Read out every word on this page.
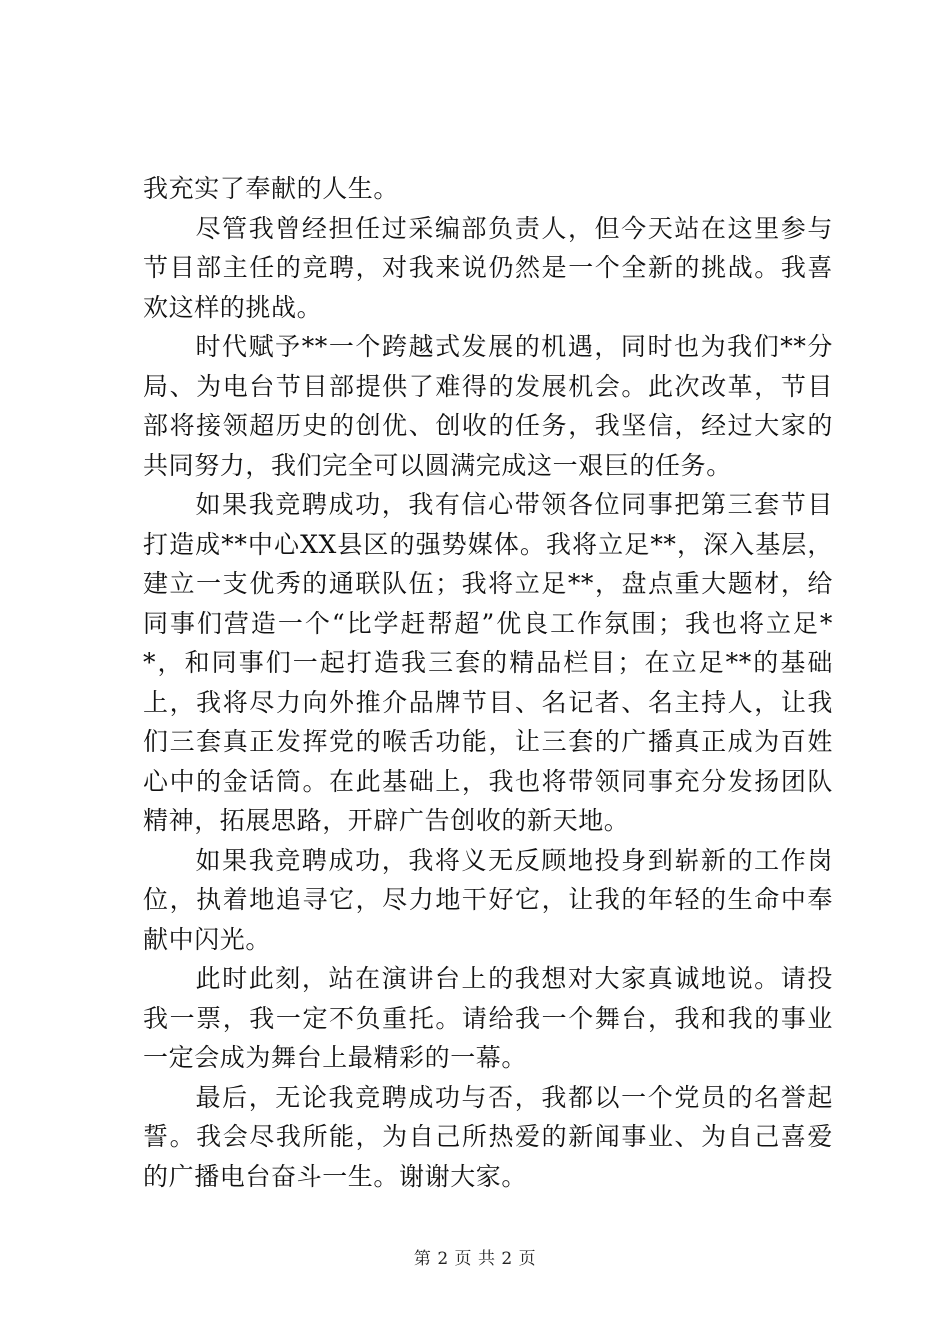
我充实了奉献的人生。

尽管我曾经担任过采编部负责人，但今天站在这里参与节目部主任的竞聘，对我来说仍然是一个全新的挑战。我喜欢这样的挑战。

时代赋予**一个跨越式发展的机遇，同时也为我们**分局、为电台节目部提供了难得的发展机会。此次改革，节目部将接领超历史的创优、创收的任务，我坚信，经过大家的共同努力，我们完全可以圆满完成这一艰巨的任务。

如果我竞聘成功，我有信心带领各位同事把第三套节目打造成**中心XX县区的强势媒体。我将立足**，深入基层，建立一支优秀的通联队伍；我将立足**，盘点重大题材，给同事们营造一个“比学赶帮超”优良工作氛围；我也将立足**，和同事们一起打造我三套的精品栏目；在立足**的基础上，我将尽力向外推介品牌节目、名记者、名主持人，让我们三套真正发挥党的喉舌功能，让三套的广播真正成为百姓心中的金话筒。在此基础上，我也将带领同事充分发扬团队精神，拓展思路，开辟广告创收的新天地。

如果我竞聘成功，我将义无反顾地投身到崭新的工作岗位，执着地追寻它，尽力地干好它，让我的年轻的生命中奉献中闪光。

此时此刻，站在演讲台上的我想对大家真诚地说。请投我一票，我一定不负重托。请给我一个舞台，我和我的事业一定会成为舞台上最精彩的一幕。

最后，无论我竞聘成功与否，我都以一个党员的名誉起誓。我会尽我所能，为自己所热爱的新闻事业、为自己喜爱的广播电台奋斗一生。谢谢大家。

第 2 页 共 2 页
